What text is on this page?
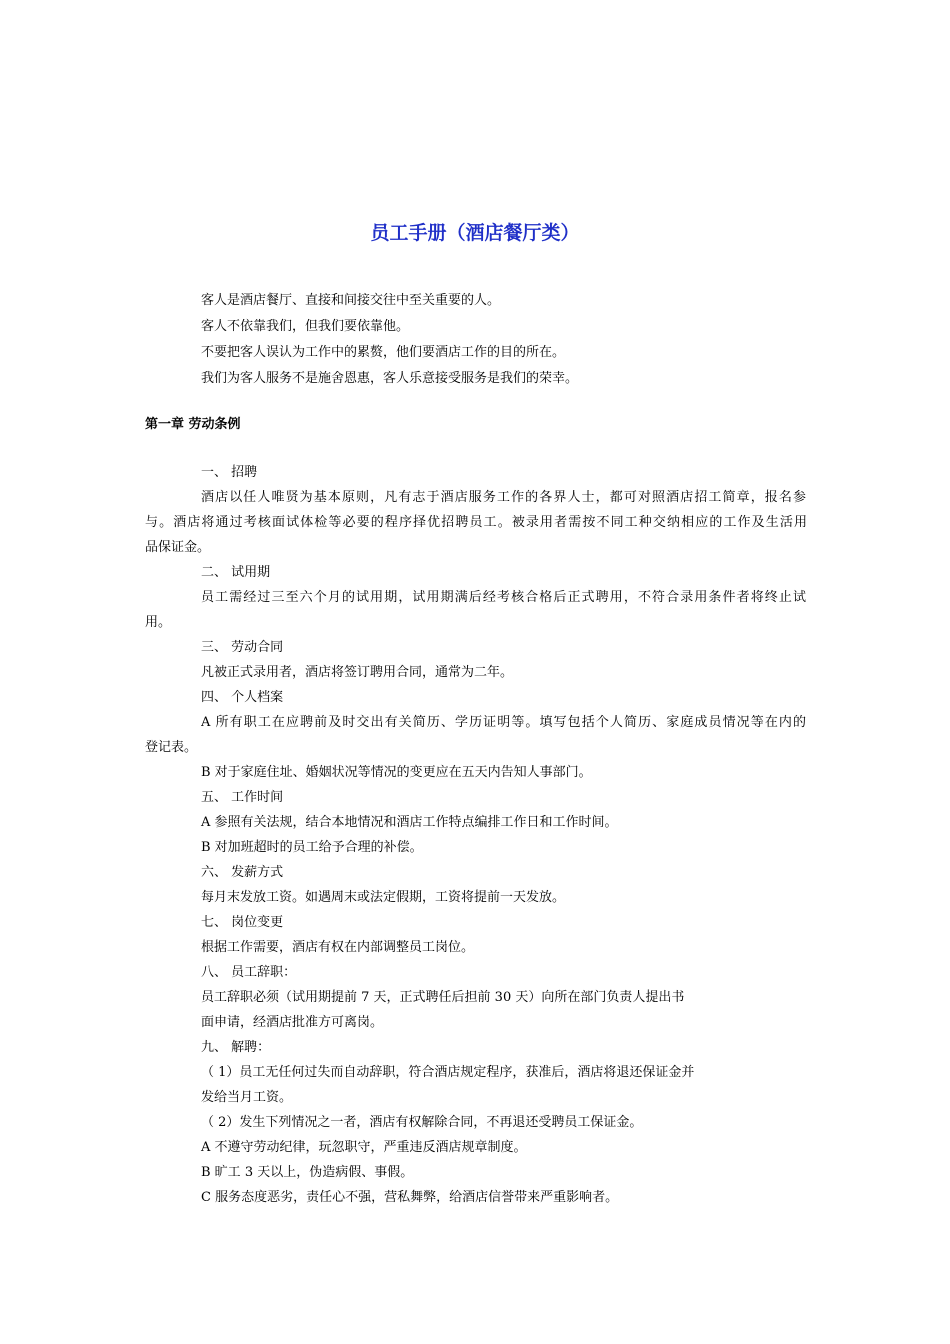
员工手册（酒店餐厅类）
客人是酒店餐厅、直接和间接交往中至关重要的人。
客人不依靠我们，但我们要依靠他。
不要把客人误认为工作中的累赘，他们要酒店工作的目的所在。
我们为客人服务不是施舍恩惠，客人乐意接受服务是我们的荣幸。
第一章 劳动条例
一、 招聘
酒店以任人唯贤为基本原则，凡有志于酒店服务工作的各界人士，都可对照酒店招工简章，报名参
与。酒店将通过考核面试体检等必要的程序择优招聘员工。被录用者需按不同工种交纳相应的工作及生活用
品保证金。
二、 试用期
员工需经过三至六个月的试用期，试用期满后经考核合格后正式聘用，不符合录用条件者将终止试
用。
三、 劳动合同
凡被正式录用者，酒店将签订聘用合同，通常为二年。
四、 个人档案
A 所有职工在应聘前及时交出有关简历、学历证明等。填写包括个人简历、家庭成员情况等在内的
登记表。
B 对于家庭住址、婚姻状况等情况的变更应在五天内告知人事部门。
五、 工作时间
A 参照有关法规，结合本地情况和酒店工作特点编排工作日和工作时间。
B 对加班超时的员工给予合理的补偿。
六、 发薪方式
每月末发放工资。如遇周末或法定假期，工资将提前一天发放。
七、 岗位变更
根据工作需要，酒店有权在内部调整员工岗位。
八、 员工辞职：
员工辞职必须（试用期提前 7 天，正式聘任后担前 30 天）向所在部门负责人提出书
面申请，经酒店批准方可离岗。
九、 解聘：
（ 1）员工无任何过失而自动辞职，符合酒店规定程序，获准后，酒店将退还保证金并
发给当月工资。
（ 2）发生下列情况之一者，酒店有权解除合同，不再退还受聘员工保证金。
A 不遵守劳动纪律，玩忽职守，严重违反酒店规章制度。
B 旷工 3 天以上，伪造病假、事假。
C 服务态度恶劣，责任心不强，营私舞弊，给酒店信誉带来严重影响者。
